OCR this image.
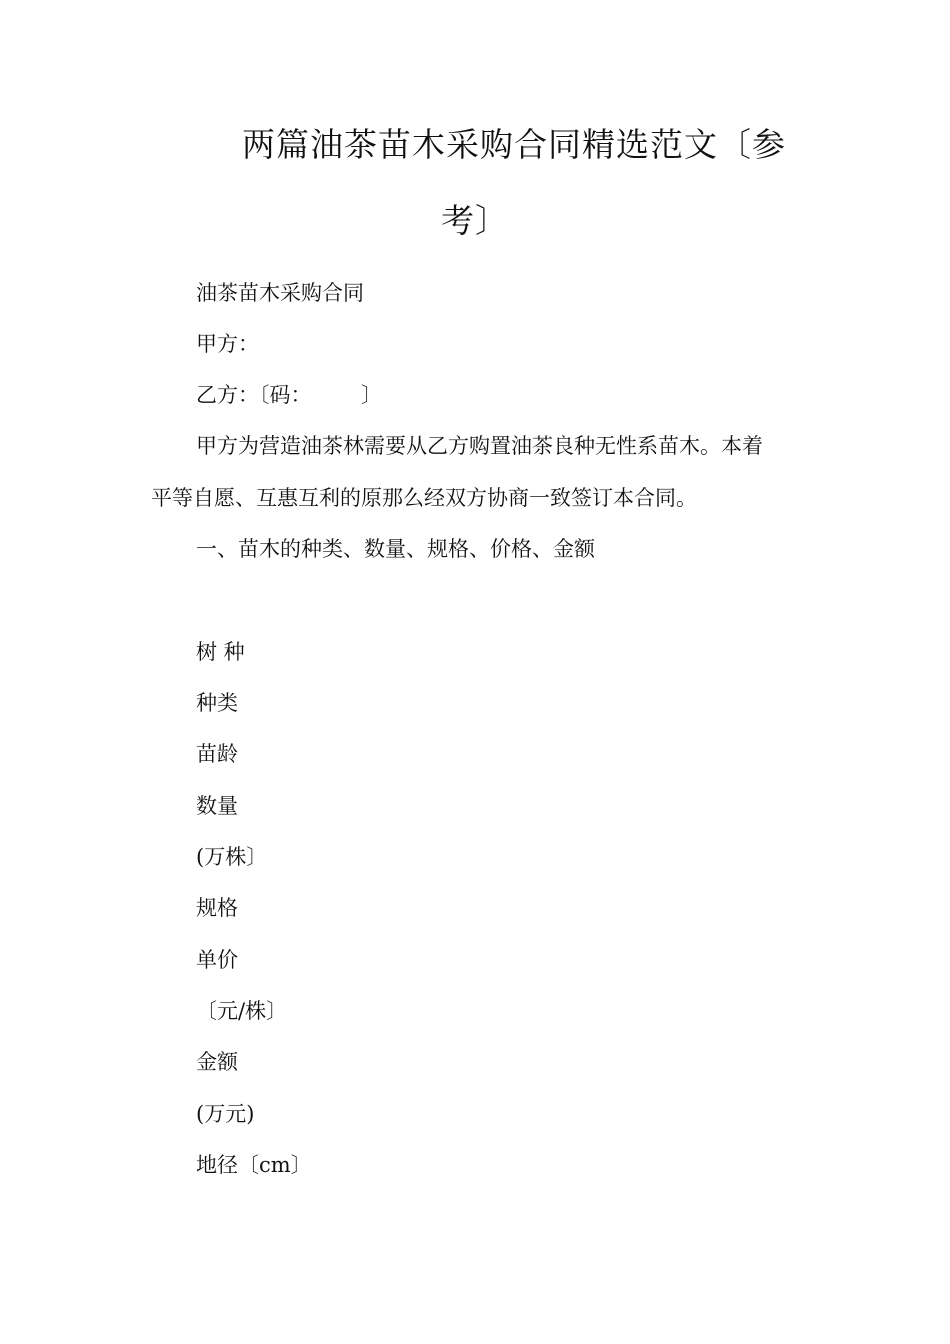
两篇油茶苗木采购合同精选范文〔参
考〕
油茶苗木采购合同
甲方：
乙方：〔码： 〕
甲方为营造油茶林需要从乙方购置油茶良种无性系苗木。本着
平等自愿、互惠互利的原那么经双方协商一致签订本合同。
一、苗木的种类、数量、规格、价格、金额
树 种
种类
苗龄
数量
(万株〕
规格
单价
〔元/株〕
金额
(万元)
地径〔cm〕
